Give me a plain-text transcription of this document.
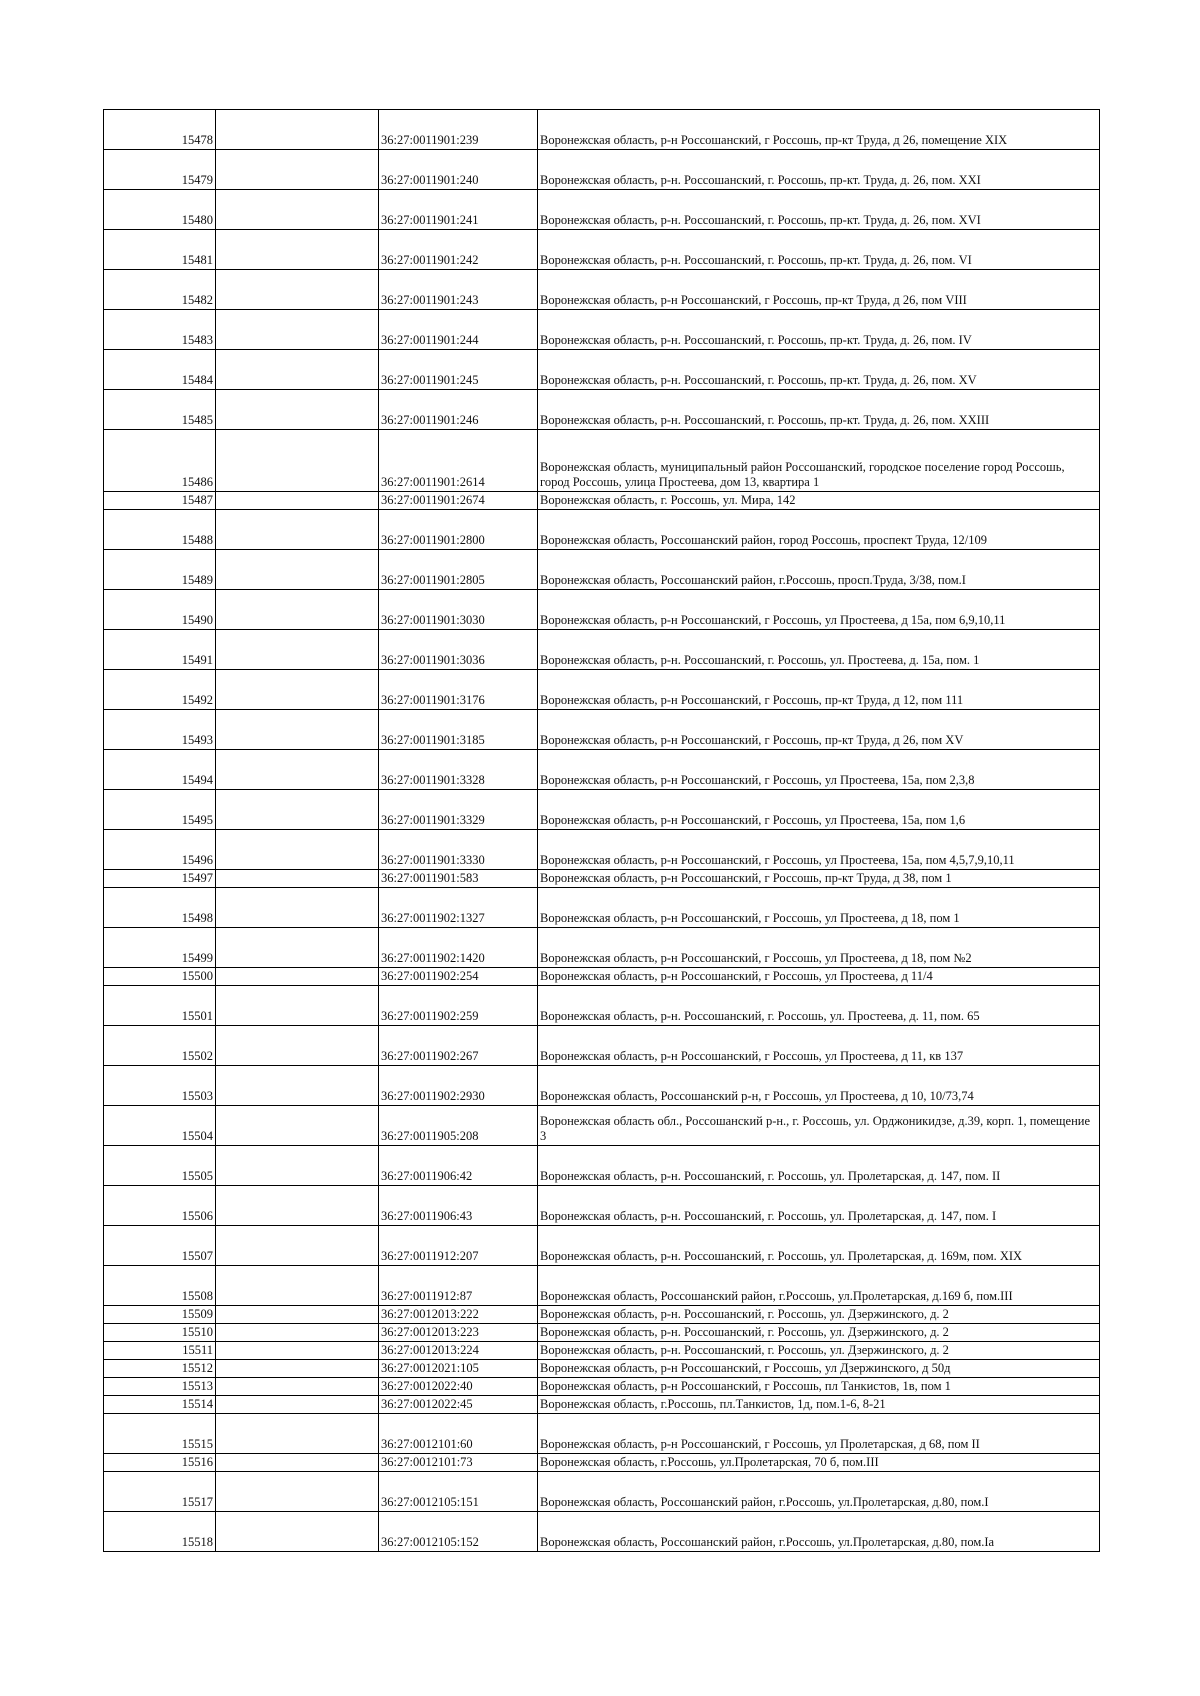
15478		36:27:0011901:239	Воронежская область, р-н Россошанский, г Россошь, пр-кт Труда, д 26, помещение XIX
15479		36:27:0011901:240	Воронежская область, р-н. Россошанский, г. Россошь, пр-кт. Труда, д. 26, пом. XXI
15480		36:27:0011901:241	Воронежская область, р-н. Россошанский, г. Россошь, пр-кт. Труда, д. 26, пом. XVI
15481		36:27:0011901:242	Воронежская область, р-н. Россошанский, г. Россошь, пр-кт. Труда, д. 26, пом. VI
15482		36:27:0011901:243	Воронежская область, р-н Россошанский, г Россошь, пр-кт Труда, д 26, пом VIII
15483		36:27:0011901:244	Воронежская область, р-н. Россошанский, г. Россошь, пр-кт. Труда, д. 26, пом. IV
15484		36:27:0011901:245	Воронежская область, р-н. Россошанский, г. Россошь, пр-кт. Труда, д. 26, пом. XV
15485		36:27:0011901:246	Воронежская область, р-н. Россошанский, г. Россошь, пр-кт. Труда, д. 26, пом. XXIII
15486		36:27:0011901:2614	Воронежская область, муниципальный район Россошанский, городское поселение город Россошь, город Россошь, улица Простеева, дом 13, квартира 1
15487		36:27:0011901:2674	Воронежская область, г. Россошь, ул. Мира, 142
15488		36:27:0011901:2800	Воронежская область, Россошанский район, город Россошь, проспект Труда, 12/109
15489		36:27:0011901:2805	Воронежская область, Россошанский район, г.Россошь, просп.Труда, 3/38, пом.I
15490		36:27:0011901:3030	Воронежская область, р-н Россошанский, г Россошь, ул Простеева, д 15а, пом 6,9,10,11
15491		36:27:0011901:3036	Воронежская область, р-н. Россошанский, г. Россошь, ул. Простеева, д. 15а, пом. 1
15492		36:27:0011901:3176	Воронежская область, р-н Россошанский, г Россошь, пр-кт Труда, д 12, пом 111
15493		36:27:0011901:3185	Воронежская область, р-н Россошанский, г Россошь, пр-кт Труда, д 26, пом XV
15494		36:27:0011901:3328	Воронежская область, р-н Россошанский, г Россошь, ул Простеева, 15а, пом 2,3,8
15495		36:27:0011901:3329	Воронежская область, р-н Россошанский, г Россошь, ул Простеева, 15а, пом 1,6
15496		36:27:0011901:3330	Воронежская область, р-н Россошанский, г Россошь, ул Простеева, 15а, пом 4,5,7,9,10,11
15497		36:27:0011901:583	Воронежская область, р-н Россошанский, г Россошь, пр-кт Труда, д 38, пом 1
15498		36:27:0011902:1327	Воронежская область, р-н Россошанский, г Россошь, ул Простеева, д 18, пом 1
15499		36:27:0011902:1420	Воронежская область, р-н Россошанский, г Россошь, ул Простеева, д 18, пом №2
15500		36:27:0011902:254	Воронежская область, р-н Россошанский, г Россошь, ул Простеева, д 11/4
15501		36:27:0011902:259	Воронежская область, р-н. Россошанский, г. Россошь, ул. Простеева, д. 11, пом. 65
15502		36:27:0011902:267	Воронежская область, р-н Россошанский, г Россошь, ул Простеева, д 11, кв 137
15503		36:27:0011902:2930	Воронежская область, Россошанский р-н, г Россошь, ул Простеева, д 10, 10/73,74
15504		36:27:0011905:208	Воронежская область обл., Россошанский р-н., г. Россошь, ул. Орджоникидзе, д.39, корп. 1, помещение 3
15505		36:27:0011906:42	Воронежская область, р-н. Россошанский, г. Россошь, ул. Пролетарская, д. 147, пом. II
15506		36:27:0011906:43	Воронежская область, р-н. Россошанский, г. Россошь, ул. Пролетарская, д. 147, пом. I
15507		36:27:0011912:207	Воронежская область, р-н. Россошанский, г. Россошь, ул. Пролетарская, д. 169м, пом. XIX
15508		36:27:0011912:87	Воронежская область, Россошанский район, г.Россошь, ул.Пролетарская, д.169 б, пом.III
15509		36:27:0012013:222	Воронежская область, р-н. Россошанский, г. Россошь, ул. Дзержинского, д. 2
15510		36:27:0012013:223	Воронежская область, р-н. Россошанский, г. Россошь, ул. Дзержинского, д. 2
15511		36:27:0012013:224	Воронежская область, р-н. Россошанский, г. Россошь, ул. Дзержинского, д. 2
15512		36:27:0012021:105	Воронежская область, р-н Россошанский, г Россошь, ул Дзержинского, д 50д
15513		36:27:0012022:40	Воронежская область, р-н Россошанский, г Россошь, пл Танкистов, 1в, пом 1
15514		36:27:0012022:45	Воронежская область, г.Россошь, пл.Танкистов, 1д, пом.1-6, 8-21
15515		36:27:0012101:60	Воронежская область, р-н Россошанский, г Россошь, ул Пролетарская, д 68, пом II
15516		36:27:0012101:73	Воронежская область, г.Россошь, ул.Пролетарская, 70 б, пом.III
15517		36:27:0012105:151	Воронежская область, Россошанский район, г.Россошь, ул.Пролетарская, д.80, пом.I
15518		36:27:0012105:152	Воронежская область, Россошанский район, г.Россошь, ул.Пролетарская, д.80, пом.Iа
